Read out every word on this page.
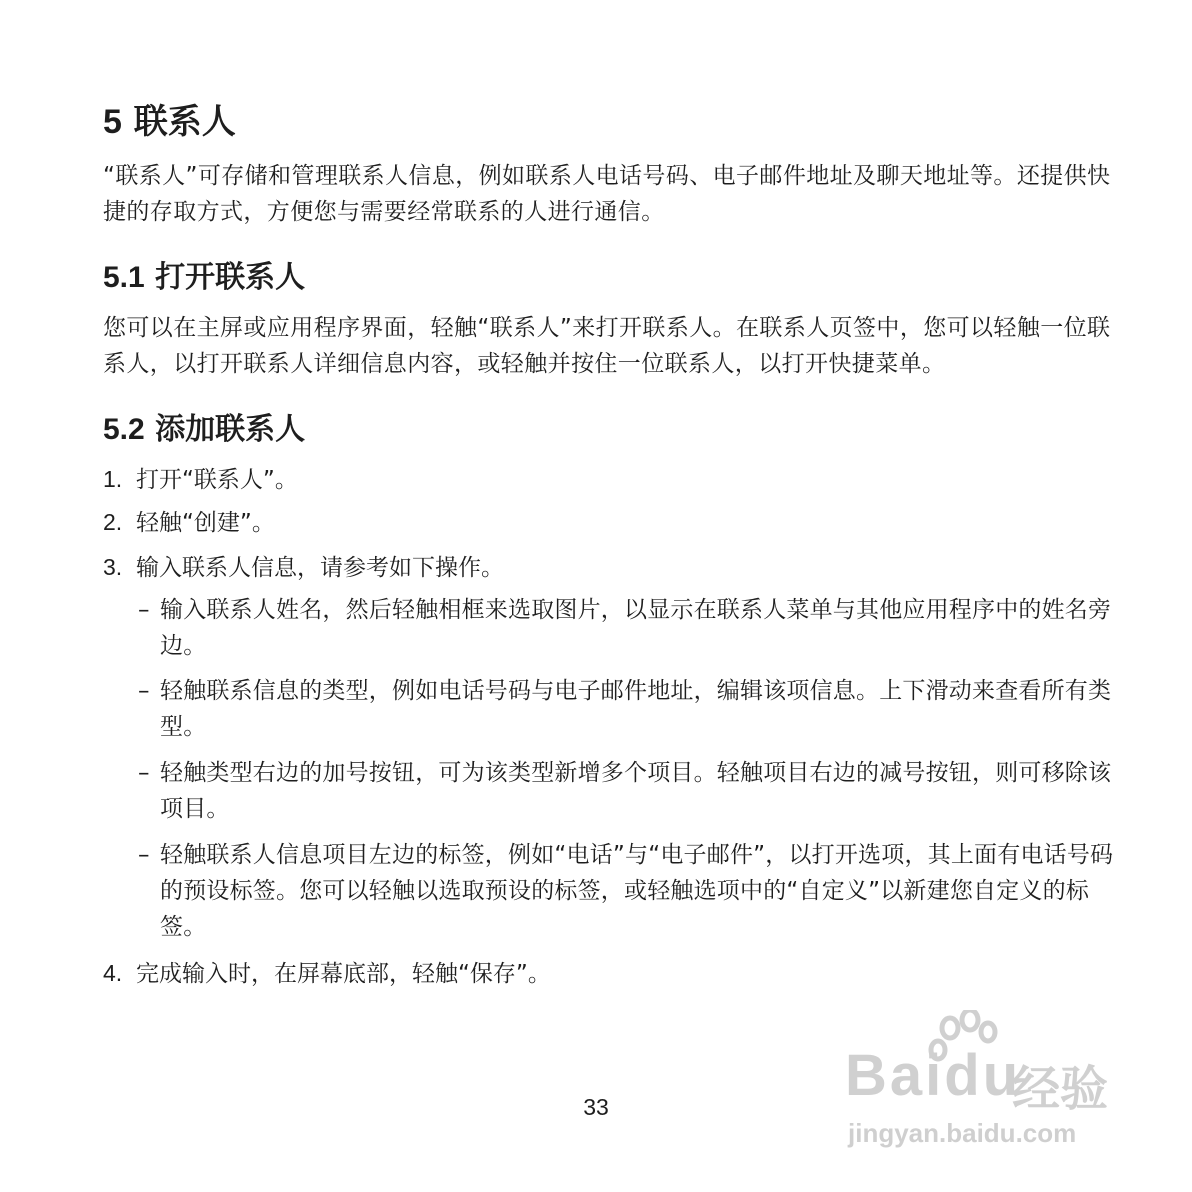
5 联系人

“联系人”可存储和管理联系人信息，例如联系人电话号码、电子邮件地址及聊天地址等。还提供快捷的存取方式，方便您与需要经常联系的人进行通信。

5.1 打开联系人

您可以在主屏或应用程序界面，轻触“联系人”来打开联系人。在联系人页签中，您可以轻触一位联系人，以打开联系人详细信息内容，或轻触并按住一位联系人，以打开快捷菜单。

5.2 添加联系人
1. 打开“联系人”。
2. 轻触“创建”。
3. 输入联系人信息，请参考如下操作。
– 输入联系人姓名，然后轻触相框来选取图片，以显示在联系人菜单与其他应用程序中的姓名旁边。
– 轻触联系信息的类型，例如电话号码与电子邮件地址，编辑该项信息。上下滑动来查看所有类型。
– 轻触类型右边的加号按钮，可为该类型新增多个项目。轻触项目右边的减号按钮，则可移除该项目。
– 轻触联系人信息项目左边的标签，例如“电话”与“电子邮件”，以打开选项，其上面有电话号码的预设标签。您可以轻触以选取预设的标签，或轻触选项中的“自定义”以新建您自定义的标签。
4. 完成输入时，在屏幕底部，轻触“保存”。
33	Baidu
经验
jingyan.baidu.com
